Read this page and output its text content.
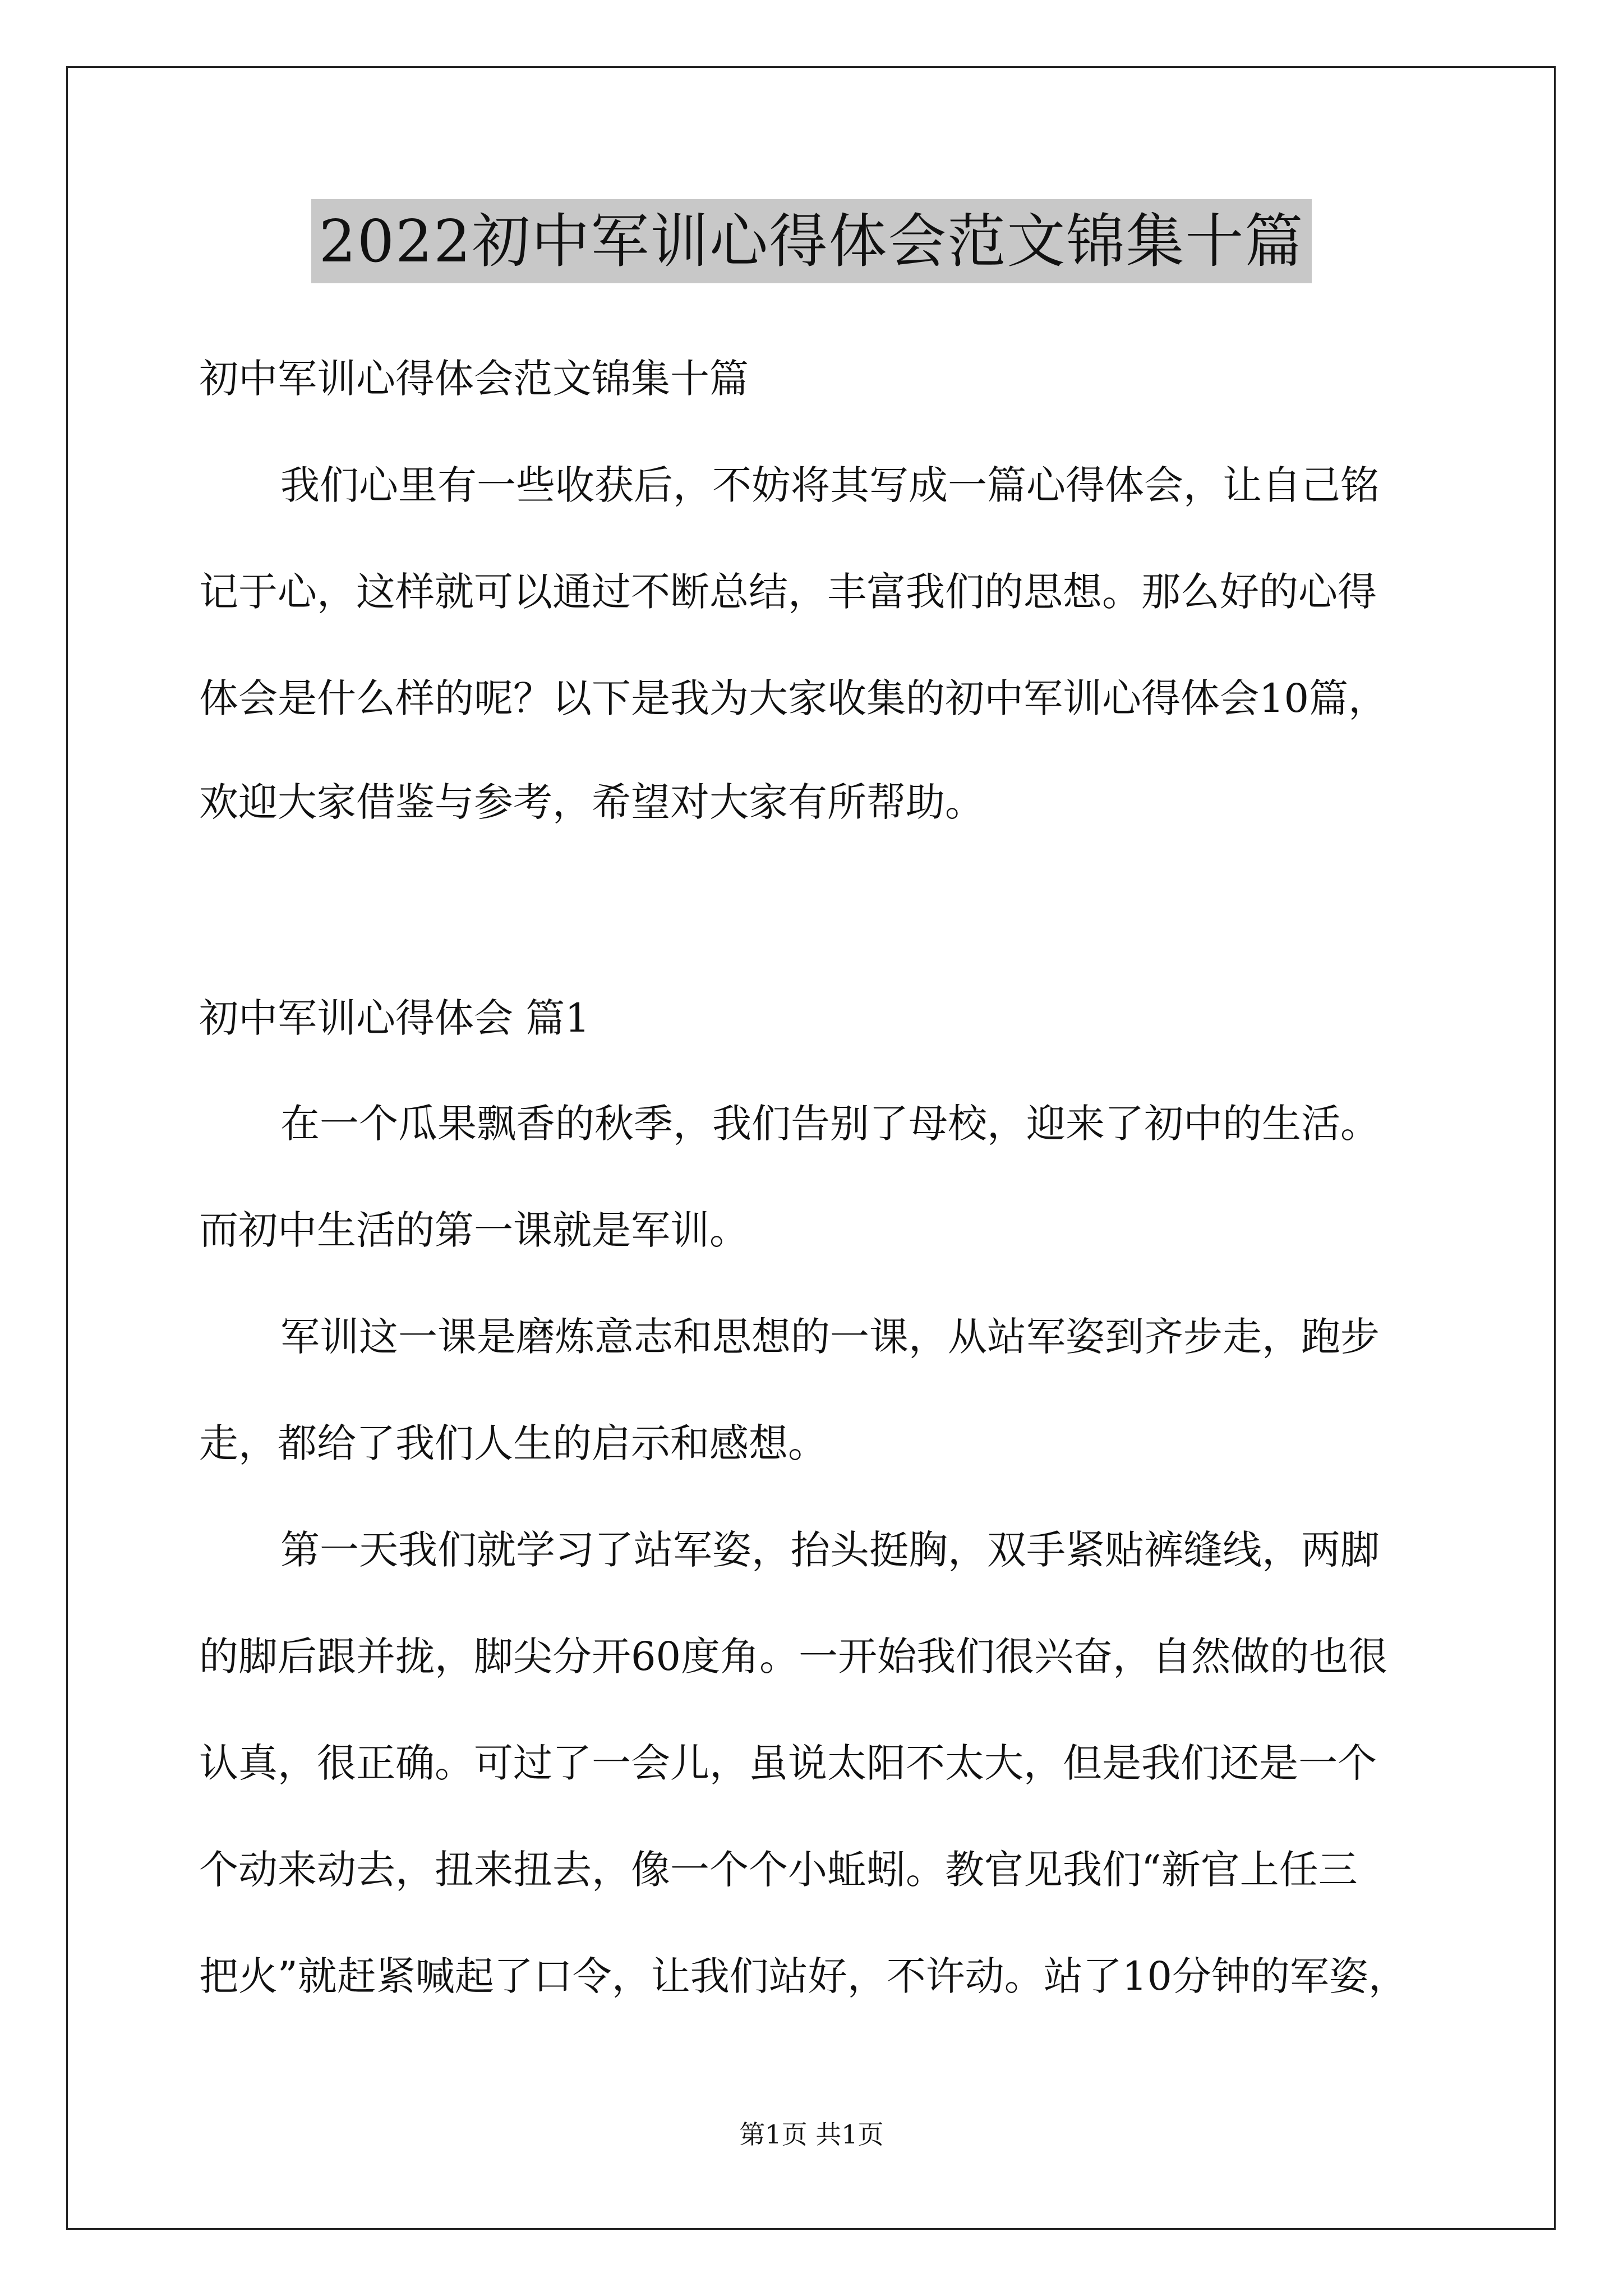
2022初中军训心得体会范文锦集十篇
初中军训心得体会范文锦集十篇
我们心里有一些收获后，不妨将其写成一篇心得体会，让自己铭
记于心，这样就可以通过不断总结，丰富我们的思想。那么好的心得
体会是什么样的呢？以下是我为大家收集的初中军训心得体会10篇，
欢迎大家借鉴与参考，希望对大家有所帮助。
初中军训心得体会 篇1
在一个瓜果飘香的秋季，我们告别了母校，迎来了初中的生活。
而初中生活的第一课就是军训。
军训这一课是磨炼意志和思想的一课，从站军姿到齐步走，跑步
走，都给了我们人生的启示和感想。
第一天我们就学习了站军姿，抬头挺胸，双手紧贴裤缝线，两脚
的脚后跟并拢，脚尖分开60度角。一开始我们很兴奋，自然做的也很
认真，很正确。可过了一会儿，虽说太阳不太大，但是我们还是一个
个动来动去，扭来扭去，像一个个小蚯蚓。教官见我们“新官上任三
把火”就赶紧喊起了口令，让我们站好，不许动。站了10分钟的军姿，
第1页 共1页
